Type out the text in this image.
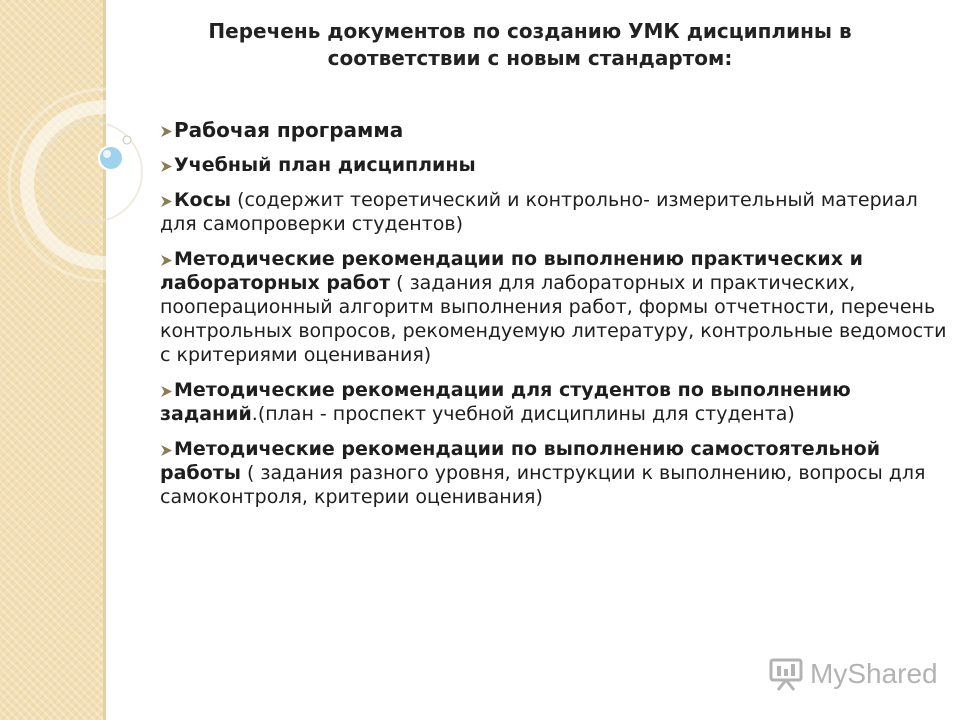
Перечень документов по созданию УМК дисциплины в
соответствии с новым стандартом:
Рабочая программа
Учебный план дисциплины
Косы (содержит теоретический и контрольно- измерительный материал для самопроверки студентов)
Методические рекомендации по выполнению практических и лабораторных работ ( задания для лабораторных и практических, пооперационный алгоритм выполнения работ, формы отчетности, перечень контрольных вопросов, рекомендуемую литературу, контрольные ведомости с критериями оценивания)
Методические рекомендации для студентов по выполнению заданий.(план - проспект учебной дисциплины для студента)
Методические рекомендации по выполнению самостоятельной работы ( задания разного уровня, инструкции к выполнению, вопросы для самоконтроля, критерии оценивания)
MyShared
